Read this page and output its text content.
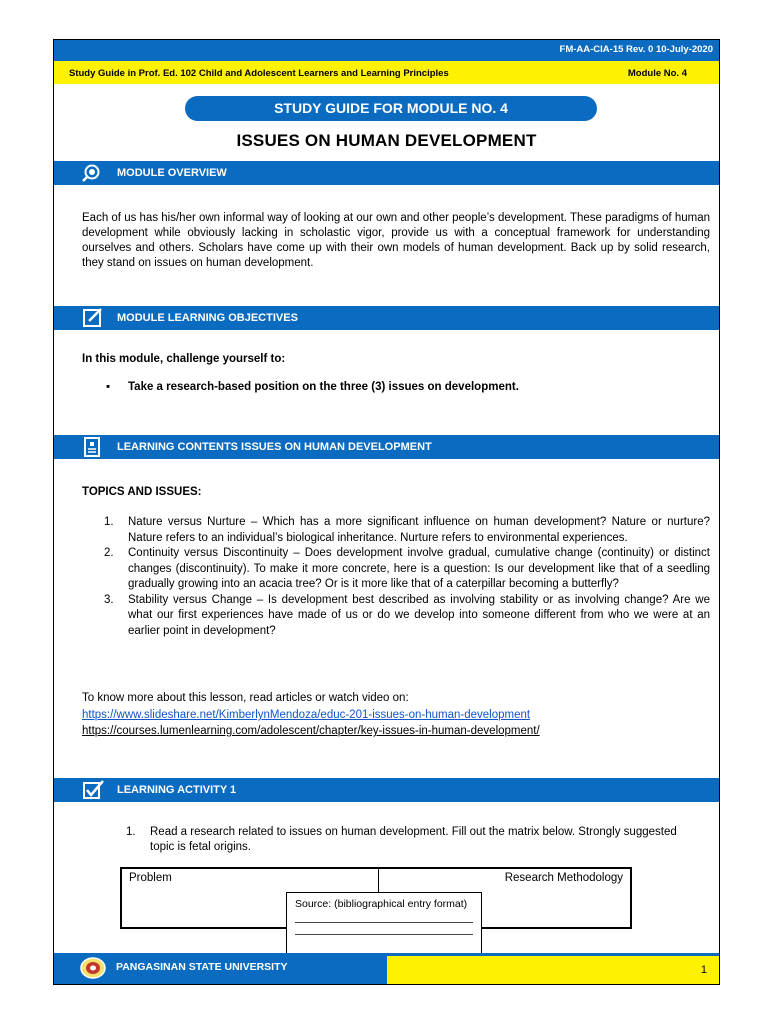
FM-AA-CIA-15 Rev. 0 10-July-2020
Study Guide in Prof. Ed. 102 Child and Adolescent Learners and Learning Principles	Module No. 4
STUDY GUIDE FOR MODULE NO. 4
ISSUES ON HUMAN DEVELOPMENT
MODULE OVERVIEW
Each of us has his/her own informal way of looking at our own and other people’s development. These paradigms of human development while obviously lacking in scholastic vigor, provide us with a conceptual framework for understanding ourselves and others. Scholars have come up with their own models of human development. Back up by solid research, they stand on issues on human development.
MODULE LEARNING OBJECTIVES
In this module, challenge yourself to:
▪ Take a research-based position on the three (3) issues on development.
LEARNING CONTENTS ISSUES ON HUMAN DEVELOPMENT
TOPICS AND ISSUES:
1. Nature versus Nurture – Which has a more significant influence on human development? Nature or nurture? Nature refers to an individual’s biological inheritance. Nurture refers to environmental experiences.
2. Continuity versus Discontinuity – Does development involve gradual, cumulative change (continuity) or distinct changes (discontinuity). To make it more concrete, here is a question: Is our development like that of a seedling gradually growing into an acacia tree? Or is it more like that of a caterpillar becoming a butterfly?
3. Stability versus Change – Is development best described as involving stability or as involving change? Are we what our first experiences have made of us or do we develop into someone different from who we were at an earlier point in development?
To know more about this lesson, read articles or watch video on:
https://www.slideshare.net/KimberlynMendoza/educ-201-issues-on-human-development
https://courses.lumenlearning.com/adolescent/chapter/key-issues-in-human-development/
LEARNING ACTIVITY 1
1.	Read a research related to issues on human development. Fill out the matrix below. Strongly suggested topic is fetal origins.
Problem	Research Methodology
Source: (bibliographical entry format)
PANGASINAN STATE UNIVERSITY	1
